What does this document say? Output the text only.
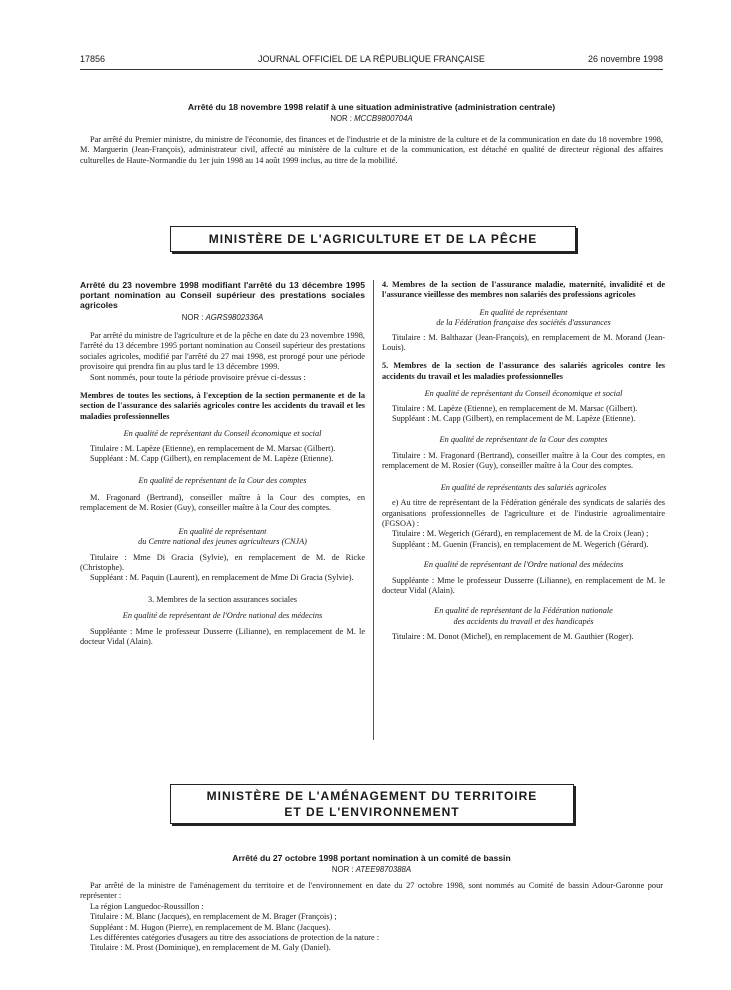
17856	JOURNAL OFFICIEL DE LA RÉPUBLIQUE FRANÇAISE	26 novembre 1998
Arrêté du 18 novembre 1998 relatif à une situation administrative (administration centrale)
NOR : MCCB9800704A

Par arrêté du Premier ministre, du ministre de l'économie, des finances et de l'industrie et de la ministre de la culture et de la communication en date du 18 novembre 1998, M. Marguerin (Jean-François), administrateur civil, affecté au ministère de la culture et de la communication, est détaché en qualité de directeur régional des affaires culturelles de Haute-Normandie du 1er juin 1998 au 14 août 1999 inclus, au titre de la mobilité.

MINISTÈRE DE L'AGRICULTURE ET DE LA PÊCHE
Arrêté du 23 novembre 1998 modifiant l'arrêté du 13 décembre 1995 portant nomination au Conseil supérieur des prestations sociales agricoles
NOR : AGRS9802336A

Par arrêté du ministre de l'agriculture et de la pêche en date du 23 novembre 1998, l'arrêté du 13 décembre 1995 portant nomination au Conseil supérieur des prestations sociales agricoles, modifié par l'arrêté du 27 mai 1998, est prorogé pour une période provisoire qui prendra fin au plus tard le 13 décembre 1999.

Sont nommés, pour toute la période provisoire prévue ci-dessus :

Membres de toutes les sections, à l'exception de la section permanente et de la section de l'assurance des salariés agricoles contre les accidents du travail et les maladies professionnelles

En qualité de représentant du Conseil économique et social

Titulaire : M. Lapèze (Etienne), en remplacement de M. Marsac (Gilbert).

Suppléant : M. Capp (Gilbert), en remplacement de M. Lapèze (Etienne).

En qualité de représentant de la Cour des comptes

M. Fragonard (Bertrand), conseiller maître à la Cour des comptes, en remplacement de M. Rosier (Guy), conseiller maître à la Cour des comptes.

En qualité de représentant

du Centre national des jeunes agriculteurs (CNJA)

Titulaire : Mme Di Gracia (Sylvie), en remplacement de M. de Ricke (Christophe).

Suppléant : M. Paquin (Laurent), en remplacement de Mme Di Gracia (Sylvie).

3. Membres de la section assurances sociales

En qualité de représentant de l'Ordre national des médecins

Suppléante : Mme le professeur Dusserre (Lilianne), en remplacement de M. le docteur Vidal (Alain).

4. Membres de la section de l'assurance maladie, maternité, invalidité et de l'assurance vieillesse des membres non salariés des professions agricoles

En qualité de représentant

de la Fédération française des sociétés d'assurances

Titulaire : M. Balthazar (Jean-François), en remplacement de M. Morand (Jean-Louis).

5. Membres de la section de l'assurance des salariés agricoles contre les accidents du travail et les maladies professionnelles

En qualité de représentant du Conseil économique et social

Titulaire : M. Lapèze (Etienne), en remplacement de M. Marsac (Gilbert).

Suppléant : M. Capp (Gilbert), en remplacement de M. Lapèze (Etienne).

En qualité de représentant de la Cour des comptes

Titulaire : M. Fragonard (Bertrand), conseiller maître à la Cour des comptes, en remplacement de M. Rosier (Guy), conseiller maître à la Cour des comptes.

En qualité de représentants des salariés agricoles

e) Au titre de représentant de la Fédération générale des syndicats de salariés des organisations professionnelles de l'agriculture et de l'industrie agroalimentaire (FGSOA) :

Titulaire : M. Wegerich (Gérard), en remplacement de M. de la Croix (Jean) ;

Suppléant : M. Guenin (Francis), en remplacement de M. Wegerich (Gérard).

En qualité de représentant de l'Ordre national des médecins

Suppléante : Mme le professeur Dusserre (Lilianne), en remplacement de M. le docteur Vidal (Alain).

En qualité de représentant de la Fédération nationale

des accidents du travail et des handicapés

Titulaire : M. Donot (Michel), en remplacement de M. Gauthier (Roger).

MINISTÈRE DE L'AMÉNAGEMENT DU TERRITOIRE
ET DE L'ENVIRONNEMENT
Arrêté du 27 octobre 1998 portant nomination à un comité de bassin
NOR : ATEE9870388A

Par arrêté de la ministre de l'aménagement du territoire et de l'environnement en date du 27 octobre 1998, sont nommés au Comité de bassin Adour-Garonne pour représenter :

La région Languedoc-Roussillon :

Titulaire : M. Blanc (Jacques), en remplacement de M. Brager (François) ;

Suppléant : M. Hugon (Pierre), en remplacement de M. Blanc (Jacques).

Les différentes catégories d'usagers au titre des associations de protection de la nature :

Titulaire : M. Prost (Dominique), en remplacement de M. Galy (Daniel).
